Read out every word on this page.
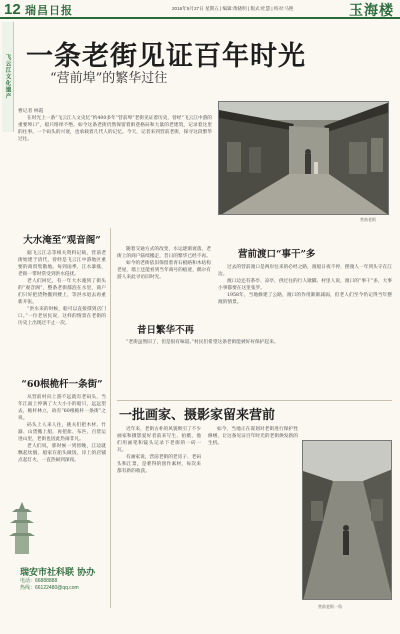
12 瑞昌日报	2016年5月27日 星期五 | 编辑:黄晓明 | 版式:杜慧 | 校对:马艳	玉海楼
飞云江文化遗产 一条老街见证百年时光
“营前埠”的繁华过往
曹记者 林霞
在时光上一条“飞云江人文史忆”约400多年“营前埠”老街见证着历史，曾经“飞云江中游的重要埠口”，船只络绎不绝。如今这条老街仍然保留着街巷格局和大量的老建筑，记录着这里的往事。一个码头的兴衰，也承载着几代人的记忆。今天，记者来到营前老街，探寻这段繁华过往。
营前老街
大水淹至“观音阁”
据飞云江志等相关资料记载，营前老街始建于清代，曾经是飞云江中游地区重要的商贸集散地。每到雨季，江水暴涨，老街一带时常受到洪水侵扰。
老人们回忆，有一年大水淹到了街头的“观音阁”，整条老街都泡在水里，商户们只好把货物搬到楼上，等洪水退去再重新开张。
“洪水来的时候，船可以直接撑到店门口。”一位老居民说，这样的情景在老街的历史上出现过不止一次。
“60根桅杆一条街”
从营前村向上游不远就有老码头，当年江面上停满了大大小小的船只，远远望去，桅杆林立，故有“60根桅杆一条街”之说。
码头上人来人往，挑夫们把木材、竹器、山货搬上船，再把盐、布匹、百货运进山里，老街也因此热闹非凡。
老人们说，那时候一到傍晚，江边就飘起炊烟，船家在船头做饭，岸上的店铺点起灯火，一直热闹到深夜。
瑞安市社科联 协办
电话：66888888
热线：66122480@qq.com
随着交通方式的改变，水运逐渐衰落，老街上的商户陆续搬走，昔日的繁华已经不再。
如今的老街依旧保留着青石板路和木结构老屋，墙上还能看到当年商号的痕迹，偶尔有游人来此寻访旧时光。
营前渡口“事干”多
过去的营前渡口是两岸往来的必经之路，渡船日夜不停，摆渡人一年到头守在江边。
渡口边还有茶亭、凉亭，供过往的行人歇脚。村里人说，渡口的“事干”多，大事小事都要在这里张罗。
1958年，当地修建了公路，渡口的作用渐渐减弱，但老人们至今仍记得当年摆渡的情景。
昔日繁华不再
“老街虽然旧了，但是很有味道。”村民们希望这条老街能被好好保护起来。
一批画家、摄影家留来营前
近年来，老街古朴的风貌吸引了不少画家和摄影爱好者前来写生、拍摄，他们用画笔和镜头记录下老街的一砖一瓦。
有画家说，营前老街的老房子、老码头和江景，是难得的创作素材，每次来都有新的收获。
如今，当地正在谋划对老街进行保护性修缮，让这条见证百年时光的老街焕发新的生机。
营前老街一角
